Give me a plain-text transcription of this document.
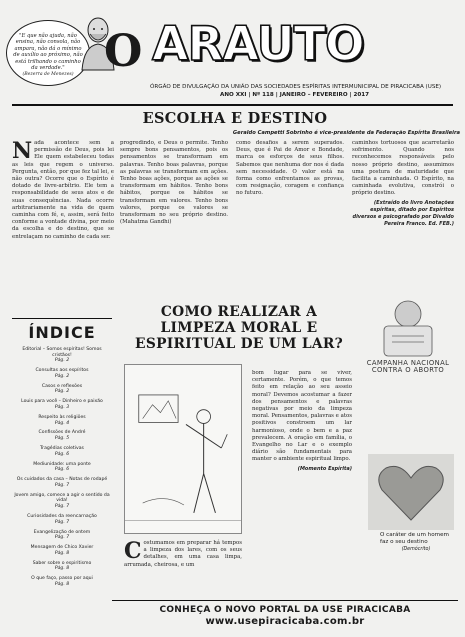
"E que não ajuda, não ensina, não consola, não ampara, não dá o mínimo de auxílio ao próximo, não está trilhando o caminho da verdade."
(Bezerra de Menezes) O ARAUTO
ÓRGÃO DE DIVULGAÇÃO DA UNIÃO DAS SOCIEDADES ESPÍRITAS INTERMUNICIPAL DE PIRACICABA (USE)
ANO XXI | Nº 118 | JANEIRO – FEVEREIRO | 2017
ESCOLHA E DESTINO
Geraldo Campetti Sobrinho é vice-presidente da Federação Espírita Brasileira
N ada acontece sem a permissão de Deus, pois lei Ele quem estabeleceu todas as leis que regem o universo. Pergunta, então, por que fez tal lei, e não outra? Ocorre que o Espírito é dotado de livre-arbítrio. Ele tem a responsabilidade de seus atos e de suas consequências. Nada ocorre arbitrariamente na vida de quem caminha com fé, e, assim, será feito conforme a vontade divina, por meio da escolha e do destino, que se entrelaçam no caminho de cada ser.
progredindo, e Deus o permite. Tenho sempre bons pensamentos, pois os pensamentos se transformam em palavras. Tenho boas palavras, porque as palavras se transformam em ações. Tenho boas ações, porque as ações se transformam em hábitos. Tenho bons hábitos, porque os hábitos se transformam em valores. Tenho bons valores, porque os valores se transformam no seu próprio destino. (Mahatma Gandhi)
como desafios a serem superados. Deus, que é Pai de Amor e Bondade, marca os esforços de seus filhos. Sabemos que nenhuma dor nos é dada sem necessidade. O valor está na forma como enfrentamos as provas, com resignação, coragem e confiança no futuro.
caminhos tortuosos que acarretarão sofrimento. Quando nos reconhecemos responsáveis pelo nosso próprio destino, assumimos uma postura de maturidade que facilita a caminhada. O Espírito, na caminhada evolutiva, constrói o próprio destino.
(Extraído do livro Anotações espíritas, ditado por Espíritos diversos e psicografado por Divaldo Pereira Franco. Ed. FEB.)
ÍNDICE
Editorial – Somos espíritas! Somos cristãos!
Pág. 2
Consultas aos espíritos
Pág. 2
Casos e reflexões
Pág. 2
Louis para você – Dinheiro e paixão
Pág. 3
Respeito às religiões
Pág. 4
Confissões de André
Pág. 5
Tragédias coletivas
Pág. 6
Mediunidade: uma ponte
Pág. 6
Os cuidados da casa – Notas de rodapé
Pág. 7
Jovem amigo, comece a agir o sentido da vida!
Pág. 7
Curiosidades da reencarnação
Pág. 7
Evangelização de ontem
Pág. 7
Mensagem de Chico Xavier
Pág. 8
Saber sobre o espiritismo
Pág. 8
O que faço, passo por aqui
Pág. 8
COMO REALIZAR A LIMPEZA MORAL E ESPIRITUAL DE UM LAR?
C ostumamos em preparar há tempos a limpeza dos lares, com os seus detalhes, em uma casa limpa, arrumada, cheirosa, e um
bom lugar para se viver, certamente. Porém, o que temos feito em relação ao seu asseio moral? Devemos acostumar a fazer dos pensamentos e palavras negativas por meio da limpeza moral. Pensamentos, palavras e atos positivos constroem um lar harmonioso, onde o bem e a paz prevalecem. A oração em família, o Evangelho no Lar e o exemplo diário são fundamentais para manter o ambiente espiritual limpo.
(Momento Espírita)
CAMPANHA NACIONAL CONTRA O ABORTO
O caráter de um homem faz o seu destino
(Demócrito)
CONHEÇA O NOVO PORTAL DA USE PIRACICABA
www.usepiracicaba.com.br
